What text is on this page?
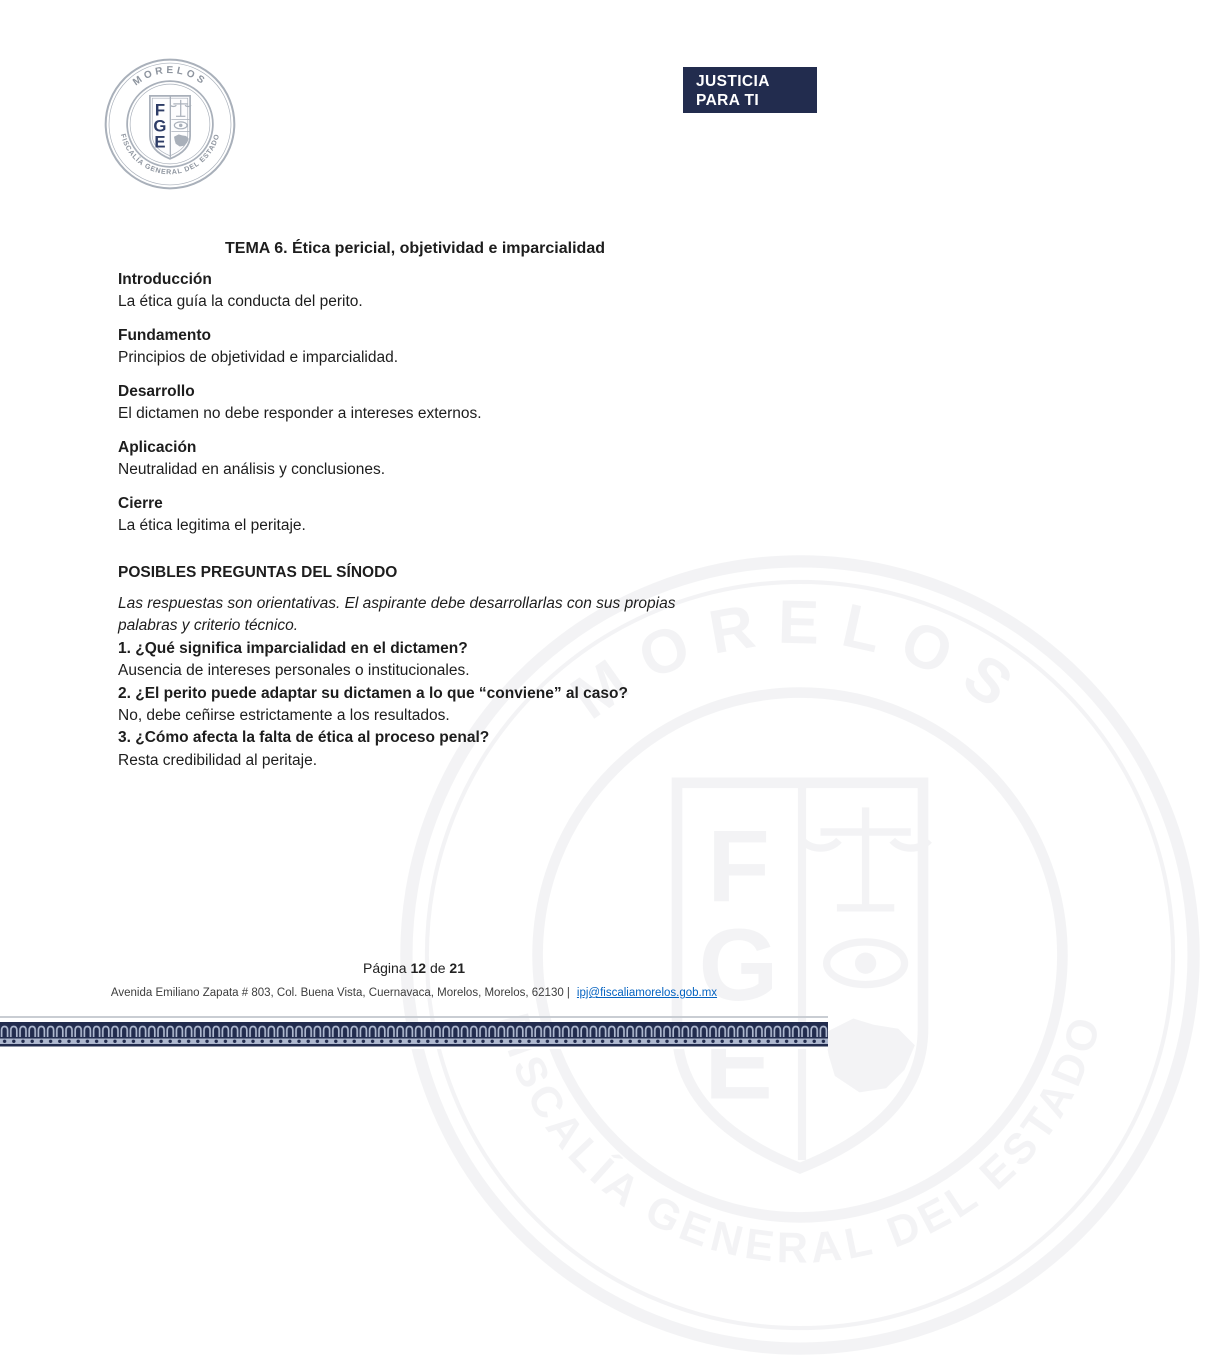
MORELOS
FISCALÍA GENERAL DEL ESTADO
F
G
E
JUSTICIA
PARA TI
MORELOS
ISCALÍA GENERAL DEL ESTADO
F
G
E

TEMA 6. Ética pericial, objetividad e imparcialidad

Introducción

La ética guía la conducta del perito.

Fundamento

Principios de objetividad e imparcialidad.

Desarrollo

El dictamen no debe responder a intereses externos.

Aplicación

Neutralidad en análisis y conclusiones.

Cierre

La ética legitima el peritaje.

POSIBLES PREGUNTAS DEL SÍNODO

Las respuestas son orientativas. El aspirante debe desarrollarlas con sus propias palabras y criterio técnico.

1. ¿Qué significa imparcialidad en el dictamen?

Ausencia de intereses personales o institucionales.

2. ¿El perito puede adaptar su dictamen a lo que “conviene” al caso?

No, debe ceñirse estrictamente a los resultados.

3. ¿Cómo afecta la falta de ética al proceso penal?

Resta credibilidad al peritaje.

Página 12 de 21
Avenida Emiliano Zapata # 803, Col. Buena Vista, Cuernavaca, Morelos, Morelos, 62130 | ipj@fiscaliamorelos.gob.mx
